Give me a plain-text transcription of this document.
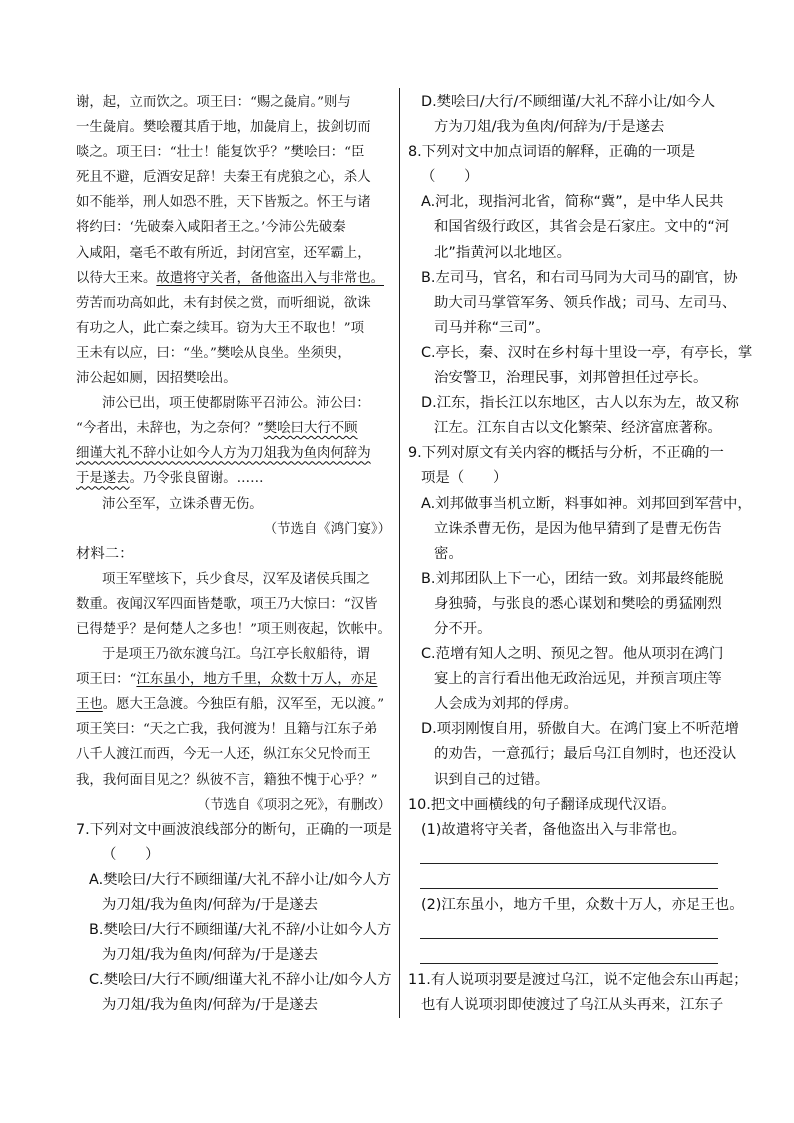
谢，起，立而饮之。项王曰：“赐之彘肩。”则与
一生彘肩。樊哙覆其盾于地，加彘肩上，拔剑切而
啖之。项王曰：“壮士！能复饮乎？”樊哙曰：“臣
死且不避，卮酒安足辞！夫秦王有虎狼之心，杀人
如不能举，刑人如恐不胜，天下皆叛之。怀王与诸
将约曰：‘先破秦入咸阳者王之。’今沛公先破秦
入咸阳，毫毛不敢有所近，封闭宫室，还军霸上，
以待大王来。故遣将守关者，备他盗出入与非常也。
劳苦而功高如此，未有封侯之赏，而听细说，欲诛
有功之人，此亡秦之续耳。窃为大王不取也！”项
王未有以应，曰：“坐。”樊哙从良坐。坐须臾，
沛公起如厕，因招樊哙出。
沛公已出，项王使都尉陈平召沛公。沛公曰：
“今者出，未辞也，为之奈何？”樊哙曰大行不顾
细谨大礼不辞小让如今人方为刀俎我为鱼肉何辞为
于是遂去。乃令张良留谢。……
沛公至军，立诛杀曹无伤。
（节选自《鸿门宴》）
材料二：
项王军壁垓下，兵少食尽，汉军及诸侯兵围之
数重。夜闻汉军四面皆楚歌，项王乃大惊曰：“汉皆
已得楚乎？是何楚人之多也！”项王则夜起，饮帐中。
于是项王乃欲东渡乌江。乌江亭长舣船待，谓
项王曰：“江东虽小，地方千里，众数十万人，亦足
王也。愿大王急渡。今独臣有船，汉军至，无以渡。”
项王笑曰：“天之亡我，我何渡为！且籍与江东子弟
八千人渡江而西，今无一人还，纵江东父兄怜而王
我，我何面目见之？纵彼不言，籍独不愧于心乎？”
（节选自《项羽之死》，有删改）
7.下列对文中画波浪线部分的断句，正确的一项是
（　　）
A.樊哙曰/大行不顾细谨/大礼不辞小让/如今人方
为刀俎/我为鱼肉/何辞为/于是遂去
B.樊哙曰/大行不顾细谨/大礼不辞/小让如今人方
为刀俎/我为鱼肉/何辞为/于是遂去
C.樊哙曰/大行不顾/细谨大礼不辞小让/如今人方
为刀俎/我为鱼肉/何辞为/于是遂去
D.樊哙曰/大行/不顾细谨/大礼不辞小让/如今人
方为刀俎/我为鱼肉/何辞为/于是遂去
8.下列对文中加点词语的解释，正确的一项是
（　　）
A.河北，现指河北省，简称“冀”，是中华人民共
和国省级行政区，其省会是石家庄。文中的“河
北”指黄河以北地区。
B.左司马，官名，和右司马同为大司马的副官，协
助大司马掌管军务、领兵作战；司马、左司马、
司马并称“三司”。
C.亭长，秦、汉时在乡村每十里设一亭，有亭长，掌
治安警卫，治理民事，刘邦曾担任过亭长。
D.江东，指长江以东地区，古人以东为左，故又称
江左。江东自古以文化繁荣、经济富庶著称。
9.下列对原文有关内容的概括与分析，不正确的一
项是（　　）
A.刘邦做事当机立断，料事如神。刘邦回到军营中，
立诛杀曹无伤，是因为他早猜到了是曹无伤告
密。
B.刘邦团队上下一心，团结一致。刘邦最终能脱
身独骑，与张良的悉心谋划和樊哙的勇猛刚烈
分不开。
C.范增有知人之明、预见之智。他从项羽在鸿门
宴上的言行看出他无政治远见，并预言项庄等
人会成为刘邦的俘虏。
D.项羽刚愎自用，骄傲自大。在鸿门宴上不听范增
的劝告，一意孤行；最后乌江自刎时，也还没认
识到自己的过错。
10.把文中画横线的句子翻译成现代汉语。
(1)故遣将守关者，备他盗出入与非常也。
(2)江东虽小，地方千里，众数十万人，亦足王也。
11.有人说项羽要是渡过乌江，说不定他会东山再起；
也有人说项羽即使渡过了乌江从头再来，江东子
